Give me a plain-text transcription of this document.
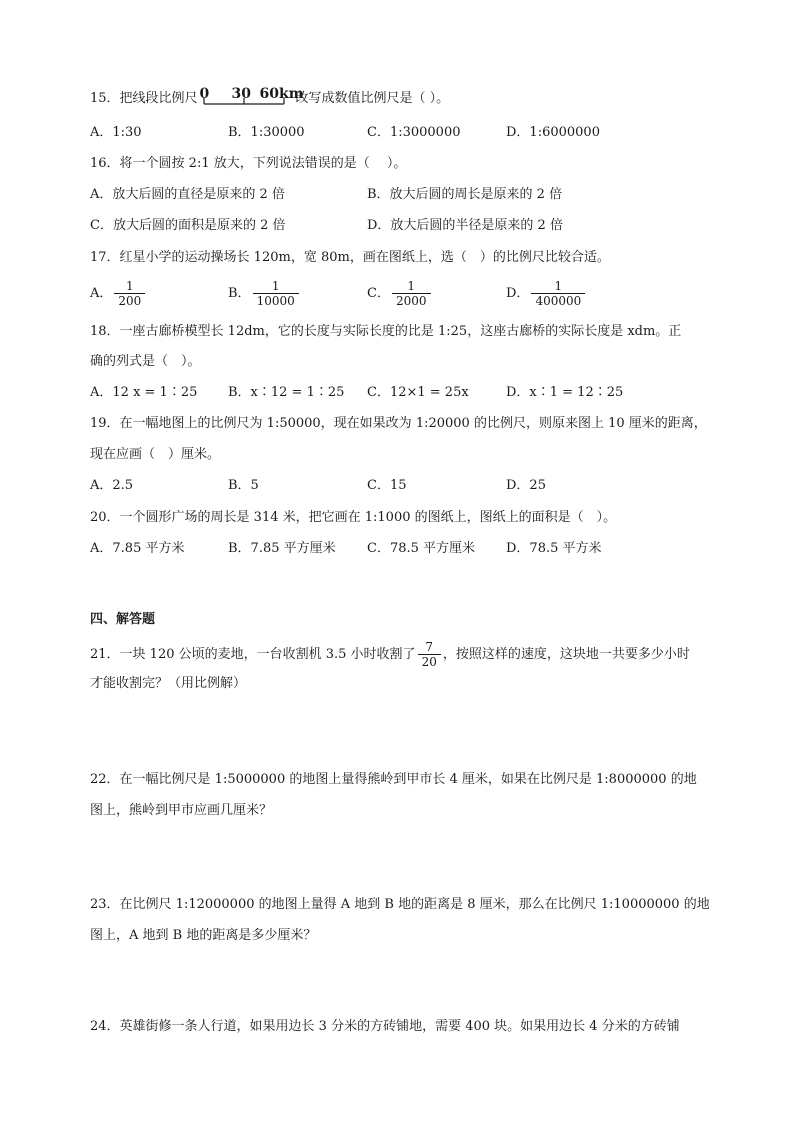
15．把线段比例尺 0 30 60km
改写成数值比例尺是（ ）。
A．1:30	B．1:30000	C．1:3000000	D．1:6000000
16．将一个圆按 2:1 放大，下列说法错误的是（　 ）。
A．放大后圆的直径是原来的 2 倍	B．放大后圆的周长是原来的 2 倍
C．放大后圆的面积是原来的 2 倍	D．放大后圆的半径是原来的 2 倍
17．红星小学的运动操场长 120m，宽 80m，画在图纸上，选（　）的比例尺比较合适。
A． $\frac{1}{200}$	B． $\frac{1}{10000}$	C． $\frac{1}{2000}$	D． $\frac{1}{400000}$
18．一座古廊桥模型长 12dm，它的长度与实际长度的比是 1:25，这座古廊桥的实际长度是 xdm。正
确的列式是（　）。
A．12 x = 1∶25 B．x∶12 = 1∶25 C．12×1 = 25x	D．x∶1 = 12∶25
19．在一幅地图上的比例尺为 1:50000，现在如果改为 1:20000 的比例尺，则原来图上 10 厘米的距离，
现在应画（　）厘米。
A．2.5	B．5	C．15	D．25
20．一个圆形广场的周长是 314 米，把它画在 1:1000 的图纸上，图纸上的面积是（　）。
A．7.85 平方米	B．7.85 平方厘米 C．78.5 平方厘米 D．78.5 平方米
四、解答题
21．一块 120 公顷的麦地，一台收割机 3.5 小时收割了 $\frac{7}{20}$ ，按照这样的速度，这块地一共要多少小时
才能收割完？（用比例解）
22．在一幅比例尺是 1:5000000 的地图上量得熊岭到甲市长 4 厘米，如果在比例尺是 1:8000000 的地
图上，熊岭到甲市应画几厘米？
23．在比例尺 1:12000000 的地图上量得 A 地到 B 地的距离是 8 厘米，那么在比例尺 1:10000000 的地
图上，A 地到 B 地的距离是多少厘米？
24．英雄街修一条人行道，如果用边长 3 分米的方砖铺地，需要 400 块。如果用边长 4 分米的方砖铺
